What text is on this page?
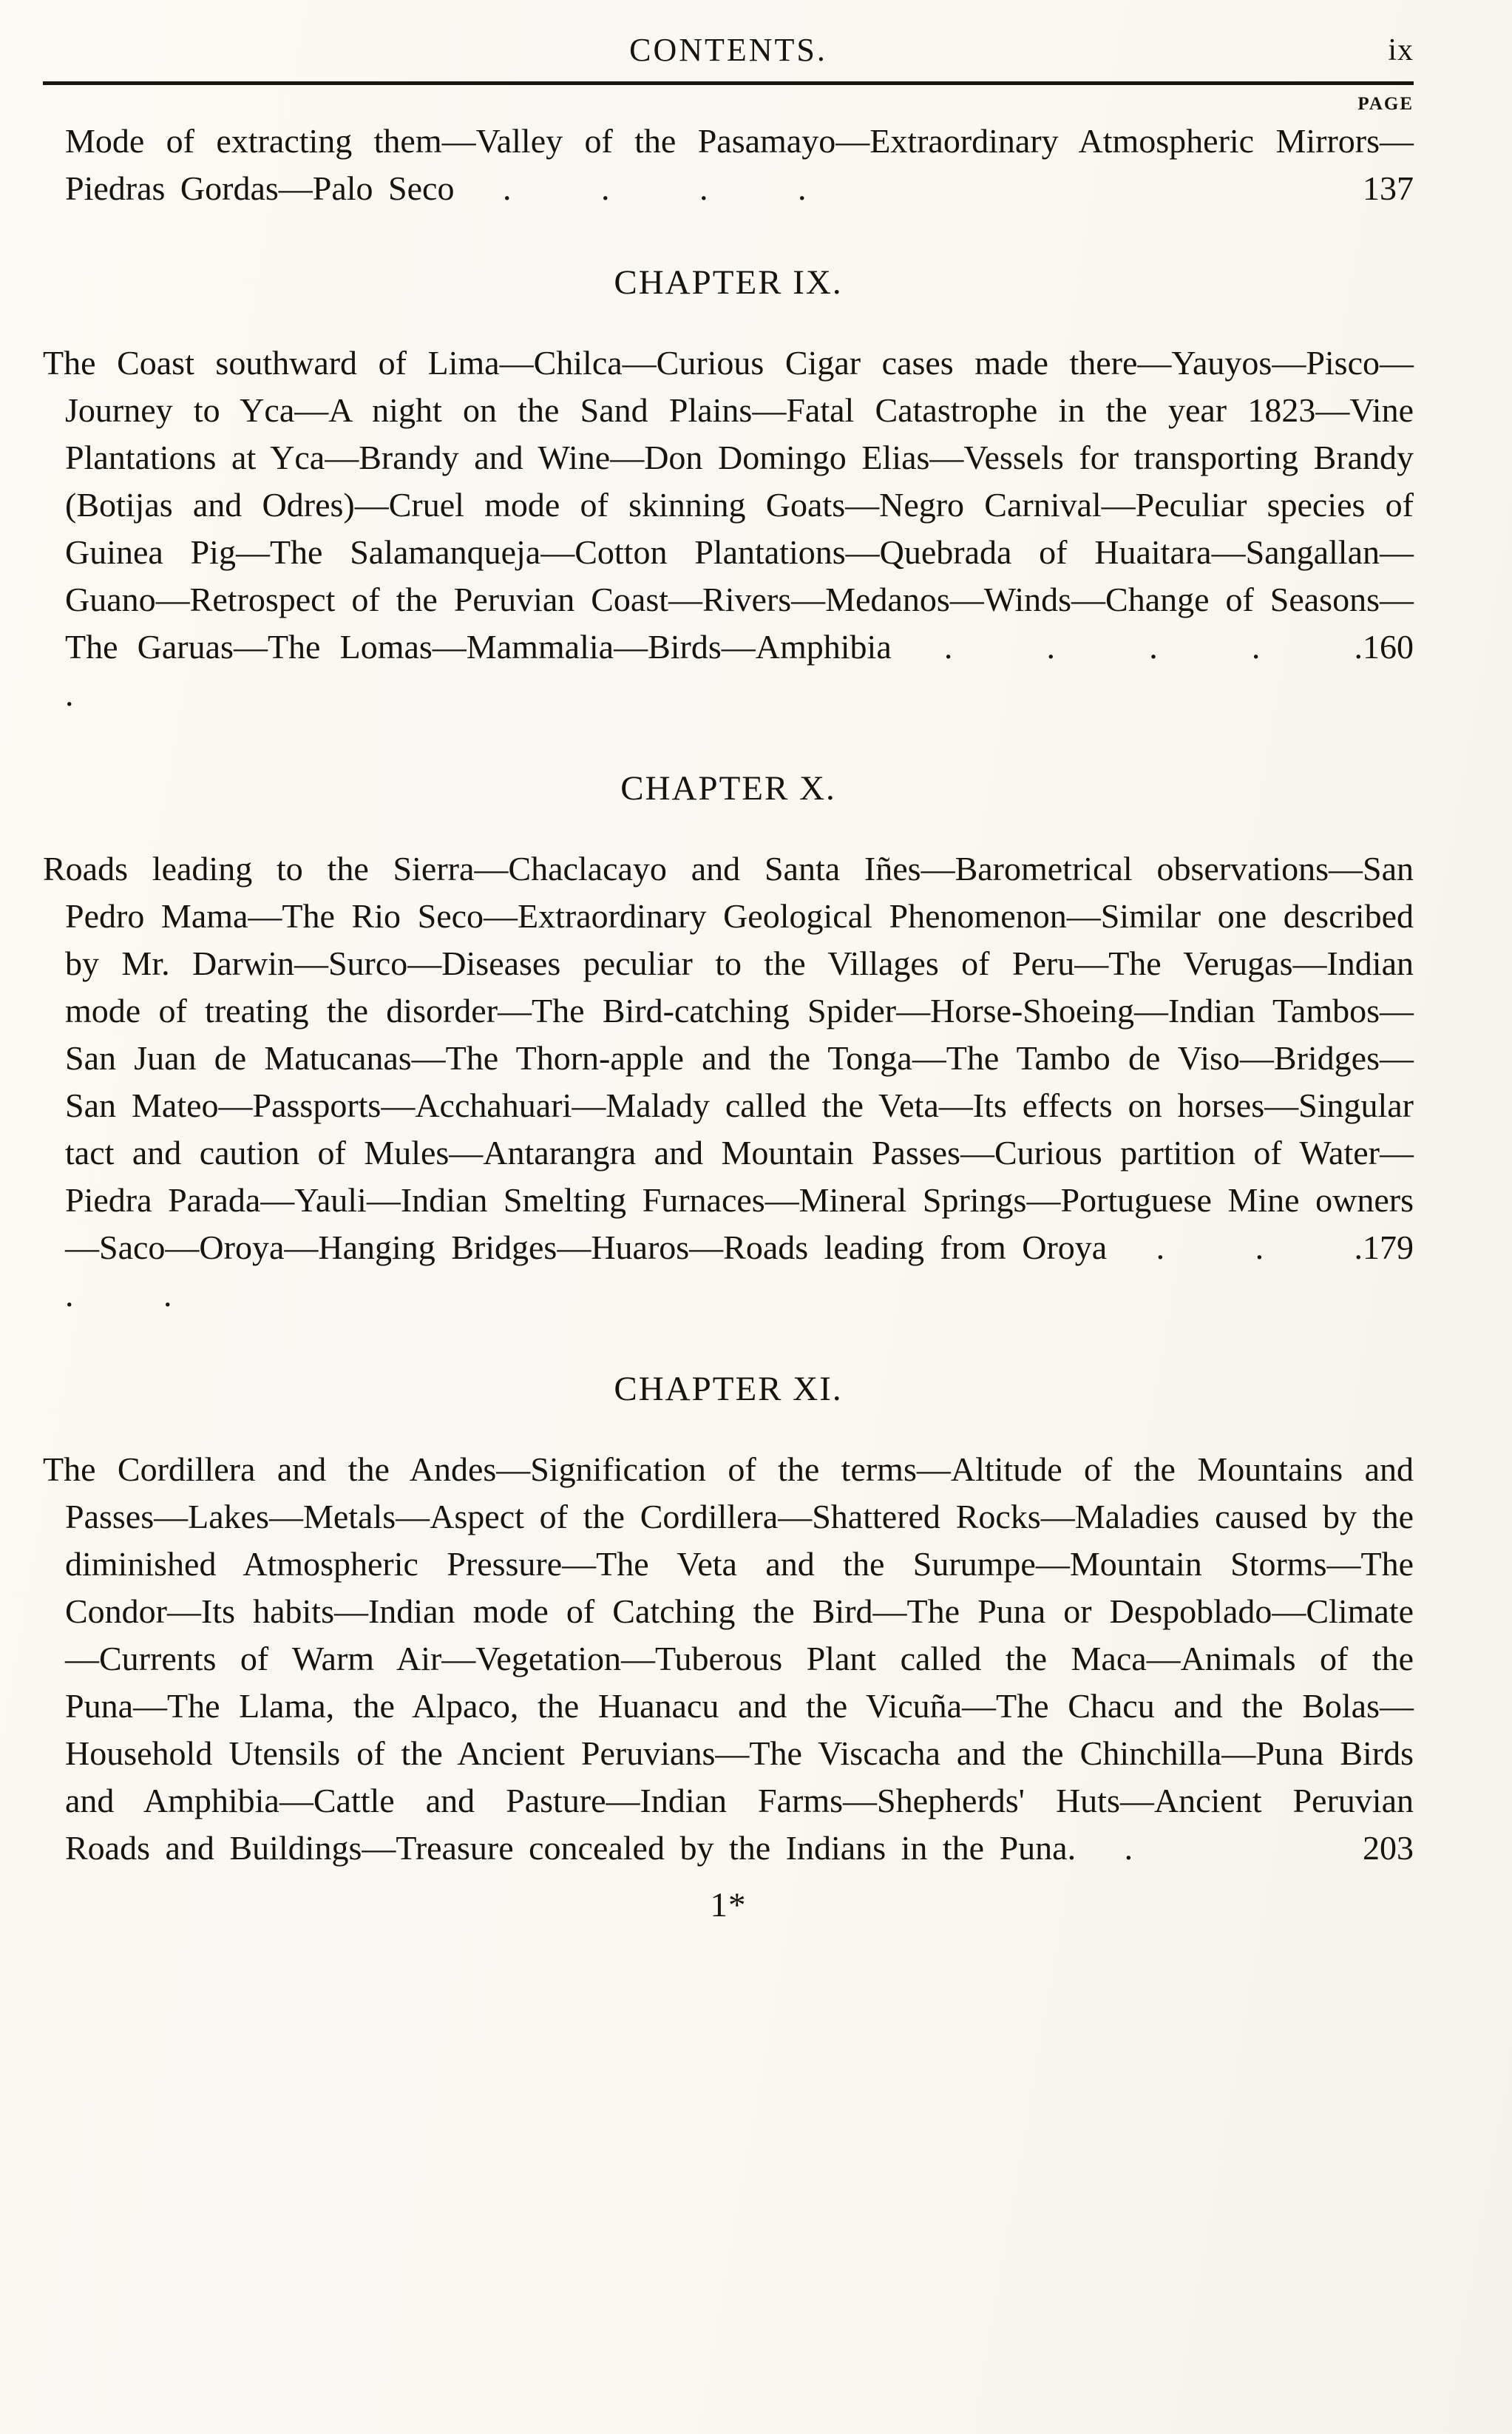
CONTENTS.	ix
PAGE

Mode of extracting them—Valley of the Pasamayo—Extraordinary Atmospheric Mirrors—Piedras Gordas—Palo Seco	137
. . . .

CHAPTER IX.

The Coast southward of Lima—Chilca—Curious Cigar cases made there—Yauyos—Pisco—Journey to Yca—A night on the Sand Plains—Fatal Catastrophe in the year 1823—Vine Plantations at Yca—Brandy and Wine—Don Domingo Elias—Vessels for transporting Brandy (Botijas and Odres)—Cruel mode of skinning Goats—Negro Carnival—Peculiar species of Guinea Pig—The Salamanqueja—Cotton Plantations—Quebrada of Huaitara—Sangallan—Guano—Retrospect of the Peruvian Coast—Rivers—Medanos—Winds—Change of Seasons—The Garuas—The Lomas—Mammalia—Birds—Amphibia	160
. . . . . .

CHAPTER X.

Roads leading to the Sierra—Chaclacayo and Santa Iñes—Barometrical observations—San Pedro Mama—The Rio Seco—Extraordinary Geological Phenomenon—Similar one described by Mr. Darwin—Surco—Diseases peculiar to the Villages of Peru—The Verugas—Indian mode of treating the disorder—The Bird-catching Spider—Horse-Shoeing—Indian Tambos—San Juan de Matucanas—The Thorn-apple and the Tonga—The Tambo de Viso—Bridges—San Mateo—Passports—Acchahuari—Malady called the Veta—Its effects on horses—Singular tact and caution of Mules—Antarangra and Mountain Passes—Curious partition of Water—Piedra Parada—Yauli—Indian Smelting Furnaces—Mineral Springs—Portuguese Mine owners—Saco—Oroya—Hanging Bridges—Huaros—Roads leading from Oroya	179
. . . . .

CHAPTER XI.

The Cordillera and the Andes—Signification of the terms—Altitude of the Mountains and Passes—Lakes—Metals—Aspect of the Cordillera—Shattered Rocks—Maladies caused by the diminished Atmospheric Pressure—The Veta and the Surumpe—Mountain Storms—The Condor—Its habits—Indian mode of Catching the Bird—The Puna or Despoblado—Climate—Currents of Warm Air—Vegetation—Tuberous Plant called the Maca—Animals of the Puna—The Llama, the Alpaco, the Huanacu and the Vicuña—The Chacu and the Bolas—Household Utensils of the Ancient Peruvians—The Viscacha and the Chinchilla—Puna Birds and Amphibia—Cattle and Pasture—Indian Farms—Shepherds' Huts—Ancient Peruvian Roads and Buildings—Treasure concealed by the Indians in the Puna.	203
.

1*
